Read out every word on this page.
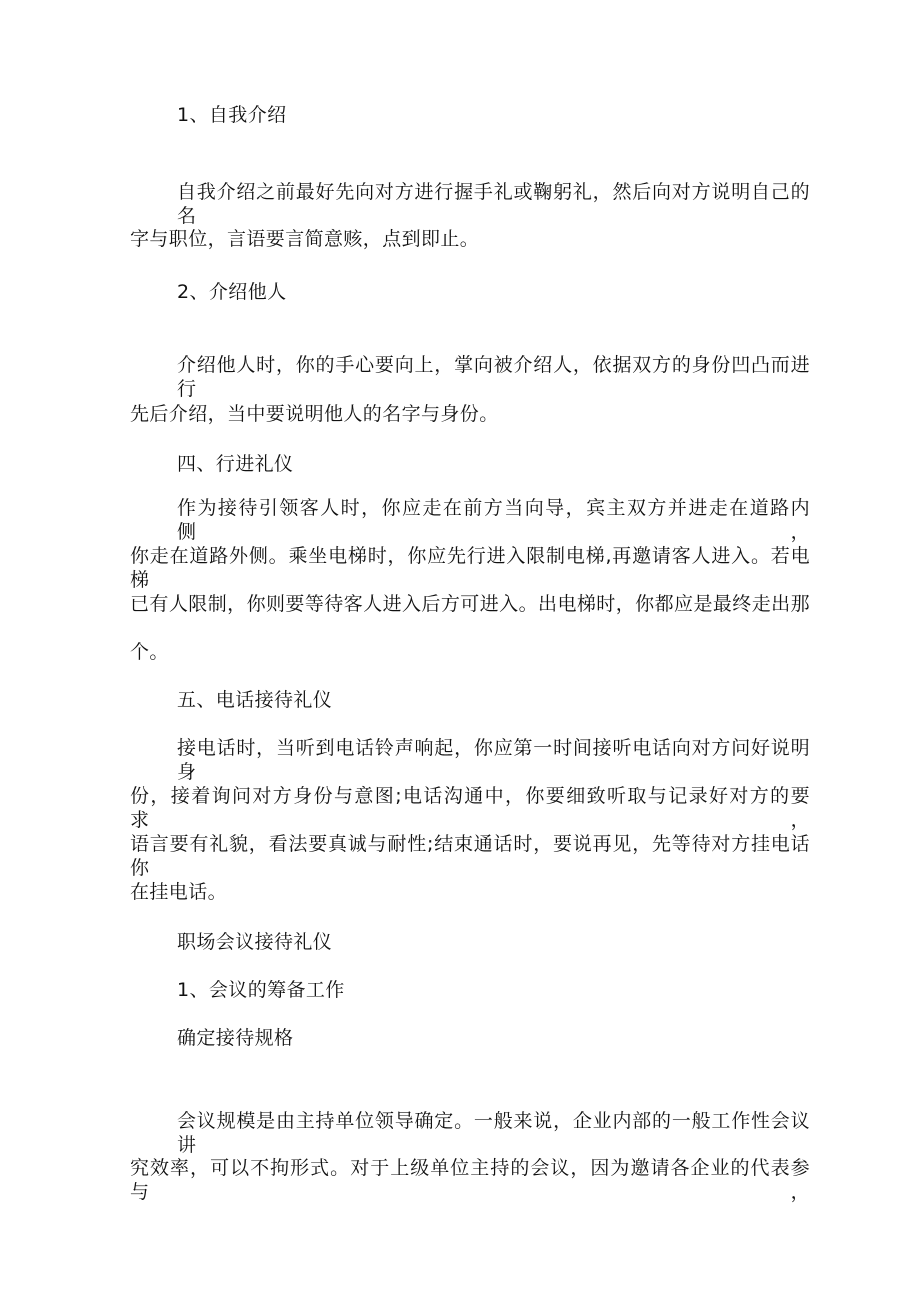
1、自我介绍
自我介绍之前最好先向对方进行握手礼或鞠躬礼，然后向对方说明自己的名
字与职位，言语要言简意赅，点到即止。
2、介绍他人
介绍他人时，你的手心要向上，掌向被介绍人，依据双方的身份凹凸而进行
先后介绍，当中要说明他人的名字与身份。
四、行进礼仪
作为接待引领客人时，你应走在前方当向导，宾主双方并进走在道路内侧，
你走在道路外侧。乘坐电梯时，你应先行进入限制电梯,再邀请客人进入。若电梯
已有人限制，你则要等待客人进入后方可进入。出电梯时，你都应是最终走出那
个。
五、电话接待礼仪
接电话时，当听到电话铃声响起，你应第一时间接听电话向对方问好说明身
份，接着询问对方身份与意图;电话沟通中，你要细致听取与记录好对方的要求，
语言要有礼貌，看法要真诚与耐性;结束通话时，要说再见，先等待对方挂电话你
在挂电话。
职场会议接待礼仪
1、会议的筹备工作
确定接待规格
会议规模是由主持单位领导确定。一般来说，企业内部的一般工作性会议讲
究效率，可以不拘形式。对于上级单位主持的会议，因为邀请各企业的代表参与，
